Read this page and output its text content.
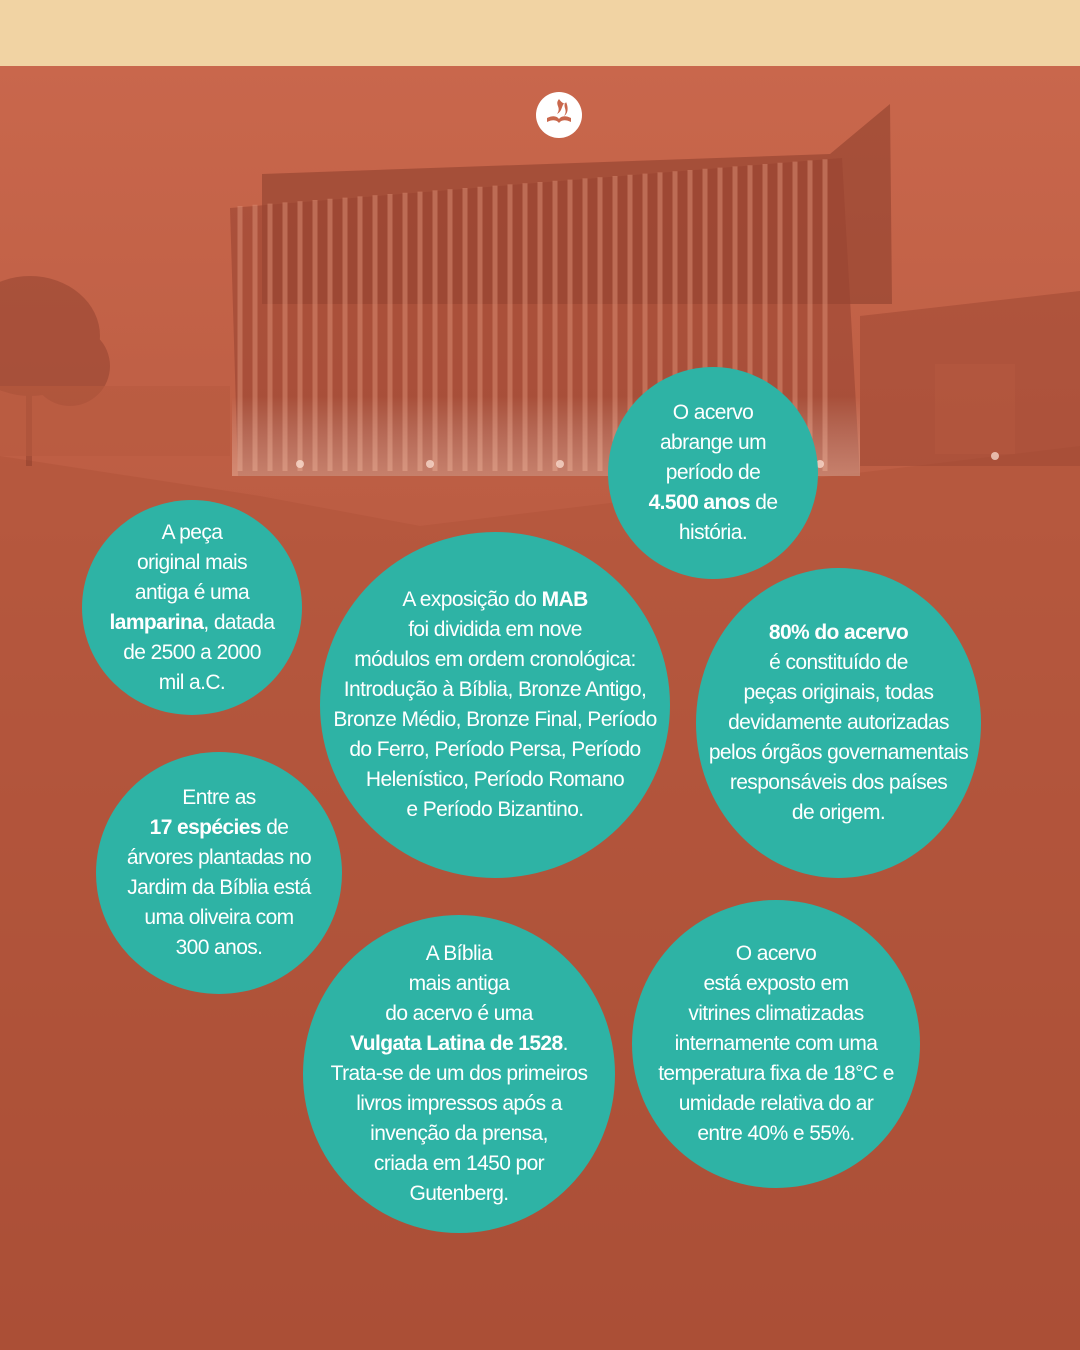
A peça
original mais
antiga é uma
lamparina, datada
de 2500 a 2000
mil a.C.
O acervo
abrange um
período de
4.500 anos de
história.
A exposição do MAB
foi dividida em nove
módulos em ordem cronológica:
Introdução à Bíblia, Bronze Antigo,
Bronze Médio, Bronze Final, Período
do Ferro, Período Persa, Período
Helenístico, Período Romano
e Período Bizantino.
80% do acervo
é constituído de
peças originais, todas
devidamente autorizadas
pelos órgãos governamentais
responsáveis dos países
de origem.
Entre as
17 espécies de
árvores plantadas no
Jardim da Bíblia está
uma oliveira com
300 anos.	A Bíblia
mais antiga
do acervo é uma
Vulgata Latina de 1528.
Trata-se de um dos primeiros
livros impressos após a
invenção da prensa,
criada em 1450 por
Gutenberg.
O acervo
está exposto em
vitrines climatizadas
internamente com uma
temperatura fixa de 18°C e
umidade relativa do ar
entre 40% e 55%.
